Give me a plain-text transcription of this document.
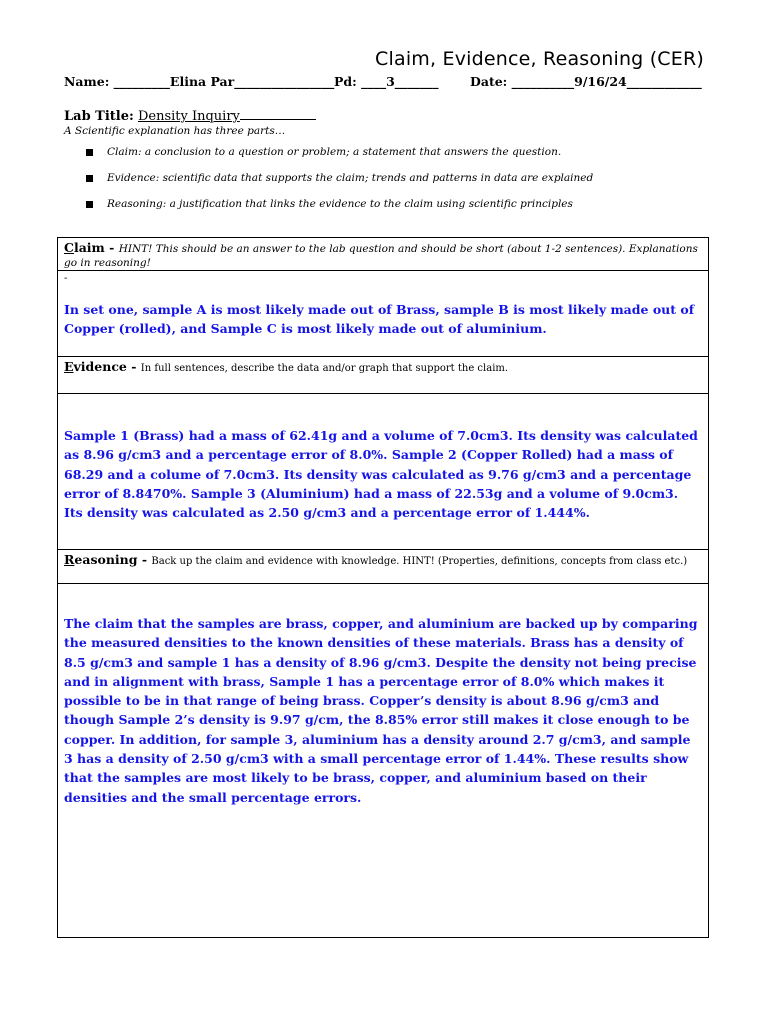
Claim, Evidence, Reasoning (CER)
Name: _________Elina Par________________ Pd: ____3_______	Date: __________9/16/24____________
Lab Title: Density Inquiry
A Scientific explanation has three parts…
Claim: a conclusion to a question or problem; a statement that answers the question.
Evidence: scientific data that supports the claim; trends and patterns in data are explained
Reasoning: a justification that links the evidence to the claim using scientific principles
Claim - HINT! This should be an answer to the lab question and should be short (about 1-2 sentences). Explanations go in reasoning!
-
In set one, sample A is most likely made out of Brass, sample B is most likely made out of Copper (rolled), and Sample C is most likely made out of aluminium.
Evidence - In full sentences, describe the data and/or graph that support the claim.
Sample 1 (Brass) had a mass of 62.41g and a volume of 7.0cm3. Its density was calculated as 8.96 g/cm3 and a percentage error of 8.0%. Sample 2 (Copper Rolled) had a mass of 68.29 and a colume of 7.0cm3. Its density was calculated as 9.76 g/cm3 and a percentage error of 8.8470%. Sample 3 (Aluminium) had a mass of 22.53g and a volume of 9.0cm3. Its density was calculated as 2.50 g/cm3 and a percentage error of 1.444%.
Reasoning - Back up the claim and evidence with knowledge. HINT! (Properties, definitions, concepts from class etc.)
The claim that the samples are brass, copper, and aluminium are backed up by comparing the measured densities to the known densities of these materials. Brass has a density of 8.5 g/cm3 and sample 1 has a density of 8.96 g/cm3. Despite the density not being precise and in alignment with brass, Sample 1 has a percentage error of 8.0% which makes it possible to be in that range of being brass. Copper’s density is about 8.96 g/cm3 and though Sample 2’s density is 9.97 g/cm, the 8.85% error still makes it close enough to be copper. In addition, for sample 3, aluminium has a density around 2.7 g/cm3, and sample 3 has a density of 2.50 g/cm3 with a small percentage error of 1.44%. These results show that the samples are most likely to be brass, copper, and aluminium based on their densities and the small percentage errors.
